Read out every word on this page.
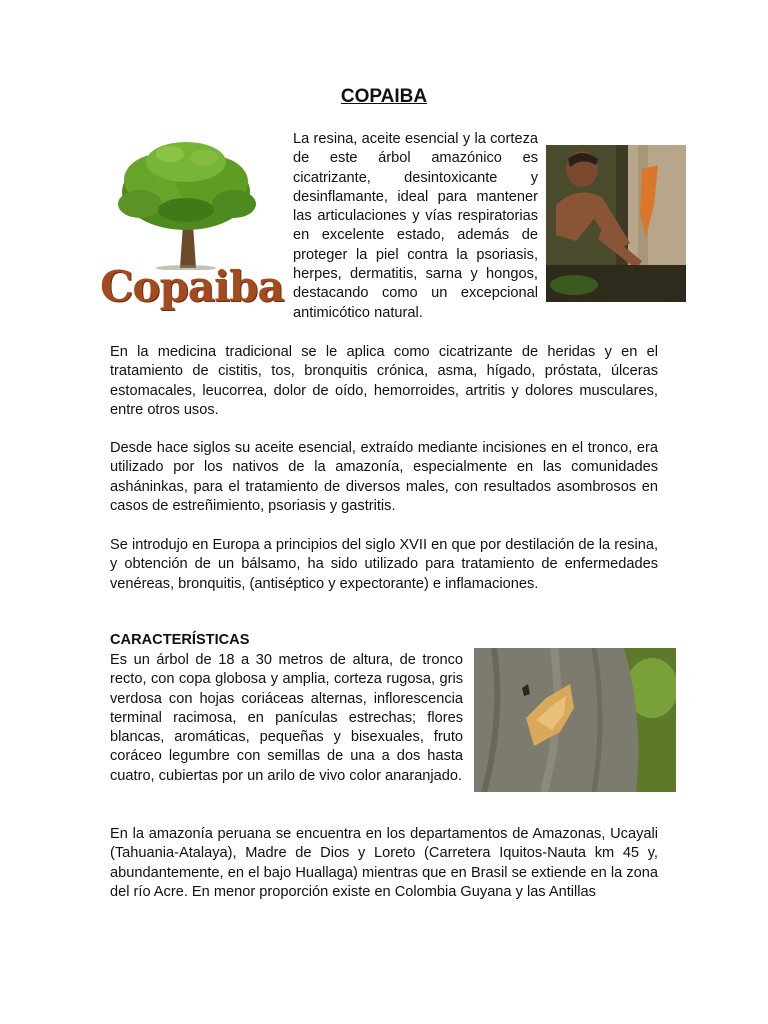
COPAIBA
Copaiba
La resina, aceite esencial y la corteza de este árbol amazónico es cicatrizante, desintoxicante y desinflamante, ideal para mantener las articulaciones y vías respiratorias en excelente estado, además de proteger la piel contra la psoriasis, herpes, dermatitis, sarna y hongos, destacando como un excepcional antimicótico natural.
En la medicina tradicional se le aplica como cicatrizante de heridas y en el tratamiento de cistitis, tos, bronquitis crónica, asma, hígado, próstata, úlceras estomacales, leucorrea, dolor de oído, hemorroides, artritis y dolores musculares, entre otros usos.
Desde hace siglos su aceite esencial, extraído mediante incisiones en el tronco, era utilizado por los nativos de la amazonía, especialmente en las comunidades asháninkas, para el tratamiento de diversos males, con resultados asombrosos en casos de estreñimiento, psoriasis y gastritis.
Se introdujo en Europa a principios del siglo XVII en que por destilación de la resina, y obtención de un bálsamo, ha sido utilizado para tratamiento de enfermedades venéreas, bronquitis, (antiséptico y expectorante) e inflamaciones.
CARACTERÍSTICAS
Es un árbol de 18 a 30 metros de altura, de tronco recto, con copa globosa y amplia, corteza rugosa, gris verdosa con hojas coriáceas alternas, inflorescencia terminal racimosa, en panículas estrechas; flores blancas, aromáticas, pequeñas y bisexuales, fruto coráceo legumbre con semillas de una a dos hasta cuatro, cubiertas por un arilo de vivo color anaranjado.
En la amazonía peruana se encuentra en los departamentos de Amazonas, Ucayali (Tahuania-Atalaya), Madre de Dios y Loreto (Carretera Iquitos-Nauta km 45 y, abundantemente, en el bajo Huallaga) mientras que en Brasil se extiende en la zona del río Acre. En menor proporción existe en Colombia Guyana y las Antillas
